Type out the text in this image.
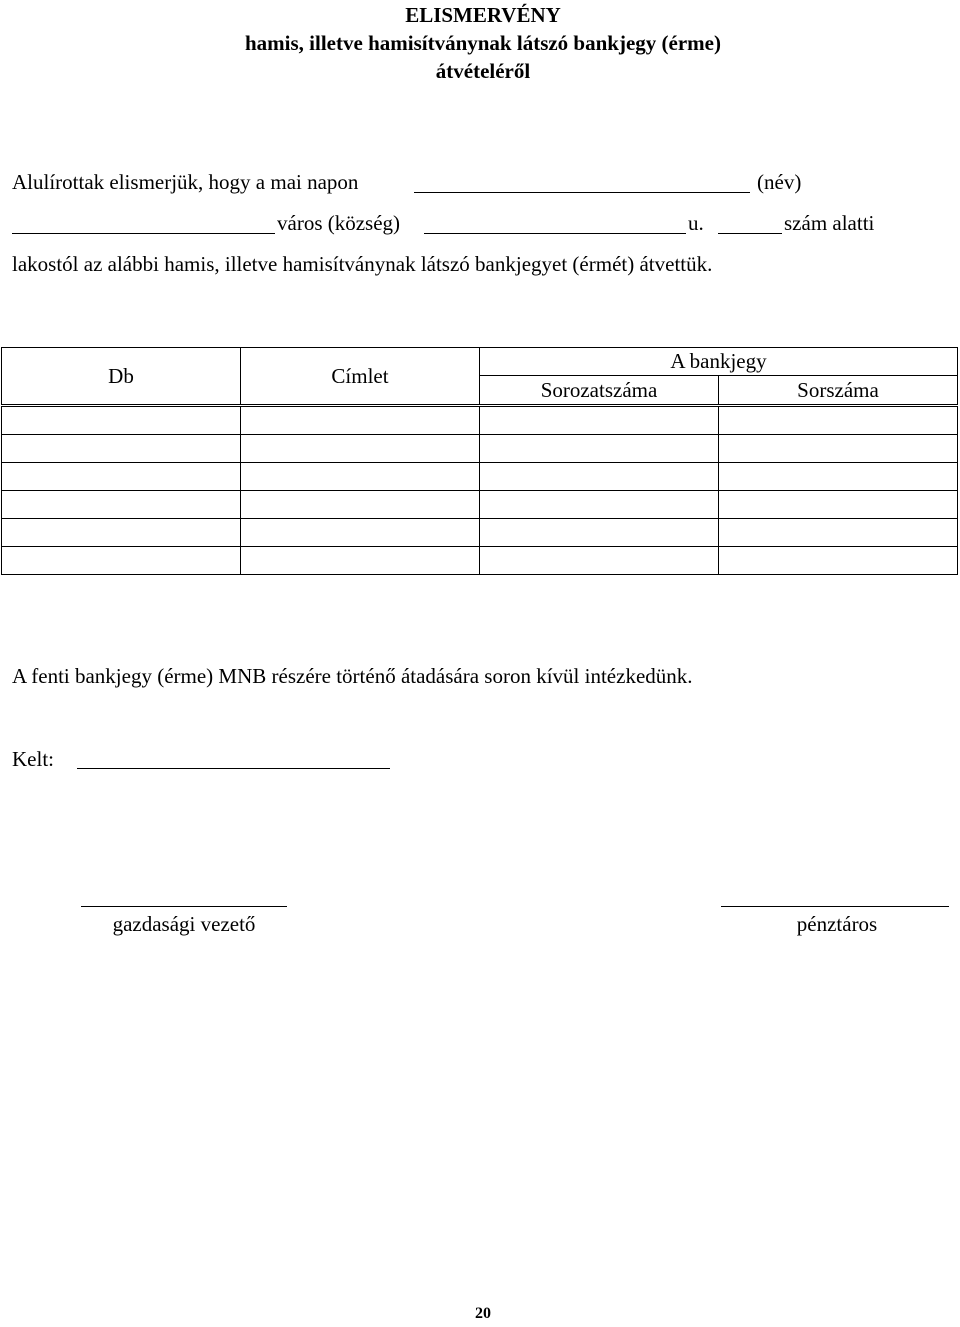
ELISMERVÉNY
hamis, illetve hamisítványnak látszó bankjegy (érme)
átvételéről
Alulírottak elismerjük, hogy a mai napon	(név)
város (község)	u.	szám alatti
lakostól az alábbi hamis, illetve hamisítványnak látszó bankjegyet (érmét) átvettük.
Db	Címlet	A bankjegy	
		Sorozatszáma	Sorszáma

A fenti bankjegy (érme) MNB részére történő átadására soron kívül intézkedünk.
Kelt:
gazdasági vezető	pénztáros
20
